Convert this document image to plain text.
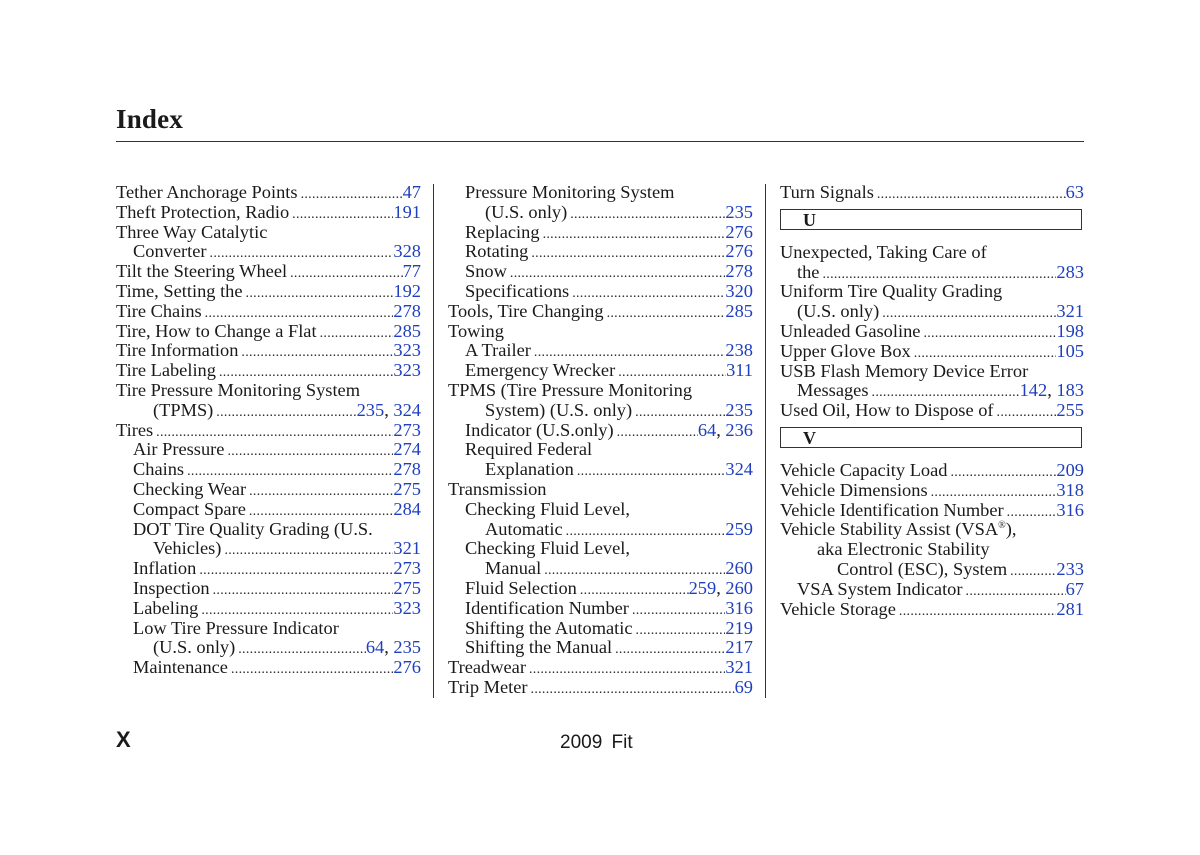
Index
Tether Anchorage Points . . .	47
Theft Protection, Radio . . .	191
Three Way Catalytic
Converter . . .	328
Tilt the Steering Wheel . . .	77
Time, Setting the . . .	192
Tire Chains . . .	278
Tire, How to Change a Flat . . .	285
Tire Information . . .	323
Tire Labeling . . .	323
Tire Pressure Monitoring System
(TPMS) . . .	235, 324
Tires . . .	273
Air Pressure . . .	274
Chains . . .	278
Checking Wear . . .	275
Compact Spare . . .	284
DOT Tire Quality Grading (U.S.
Vehicles) . . .	321
Inflation . . .	273
Inspection . . .	275
Labeling . . .	323
Low Tire Pressure Indicator
(U.S. only) . . .	64, 235
Maintenance . . .	276
Pressure Monitoring System
(U.S. only) . . .	235
Replacing . . .	276
Rotating . . .	276
Snow . . .	278
Specifications . . .	320
Tools, Tire Changing . . .	285
Towing
A Trailer . . .	238
Emergency Wrecker . . .	311
TPMS (Tire Pressure Monitoring
System) (U.S. only) . . .	235
Indicator (U.S.only) . . .	64, 236
Required Federal
Explanation . . .	324
Transmission
Checking Fluid Level,
Automatic . . .	259
Checking Fluid Level,
Manual . . .	260
Fluid Selection . . .	259, 260
Identification Number . . .	316
Shifting the Automatic . . .	219
Shifting the Manual . . .	217
Treadwear . . .	321
Trip Meter . . .	69
Turn Signals . . .	63
U
Unexpected, Taking Care of
the . . .	283
Uniform Tire Quality Grading
(U.S. only) . . .	321
Unleaded Gasoline . . .	198
Upper Glove Box . . .	105
USB Flash Memory Device Error
Messages . . .	142, 183
Used Oil, How to Dispose of . . .	255
V
Vehicle Capacity Load . . .	209
Vehicle Dimensions . . .	318
Vehicle Identification Number . . .	316
Vehicle Stability Assist (VSA®),
aka Electronic Stability
Control (ESC), System . . .	233
VSA System Indicator . . .	67
Vehicle Storage . . .	281
X	2009 Fit
